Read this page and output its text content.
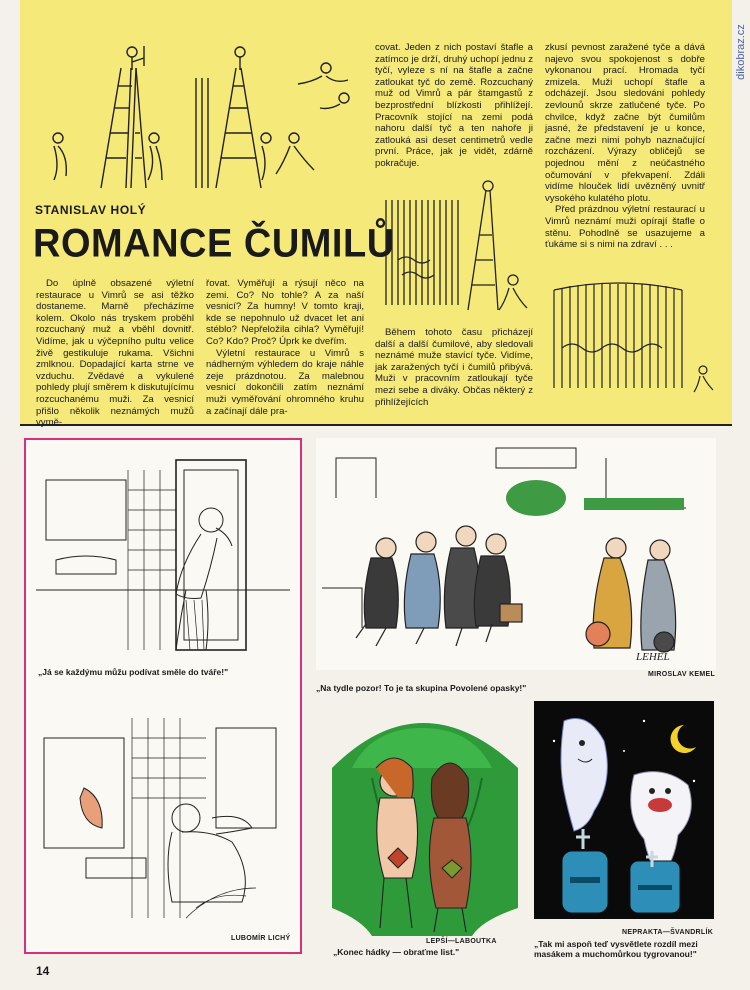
dikobraz.cz
STANISLAV HOLÝ
ROMANCE ČUMILŮ

Do úplně obsazené výletní restaurace u Vimrů se asi těžko dostaneme. Marně přecházíme kolem. Okolo nás tryskem proběhl rozcuchaný muž a vběhl dovnitř. Vidíme, jak u výčepního pultu velice živě gestikuluje rukama. Všichni zmlknou. Dopadající karta strne ve vzduchu. Zvědavé a vykulené pohledy plují směrem k diskutujícímu rozcuchanému muži. Za vesnicí přišlo několik neznámých mužů vymě-

řovat. Vyměřují a rýsují něco na zemi. Co? No tohle? A za naší vesnicí? Za humny! V tomto kraji, kde se nepohnulo už dvacet let ani stéblo? Nepřeložila cihla? Vyměřují! Co? Kdo? Proč? Úprk ke dveřím.

Výletní restaurace u Vimrů s nádherným výhledem do kraje náhle zeje prázdnotou. Za malebnou vesnicí dokončili zatím neznámí muži vyměřování ohromného kruhu a začínají dále pra-

covat. Jeden z nich postaví štafle a zatímco je drží, druhý uchopí jednu z tyčí, vyleze s ní na štafle a začne zatloukat tyč do země. Rozcuchaný muž od Vimrů a pár štamgastů z bezprostřední blízkosti přihlížejí. Pracovník stojící na zemi podá nahoru další tyč a ten nahoře ji zatlouká asi deset centimetrů vedle první. Práce, jak je vidět, zdárně pokračuje.

Během tohoto času přicházejí další a další čumilové, aby sledovali neznámé muže stavící tyče. Vidíme, jak zaražených tyčí i čumilů přibývá. Muži v pracovním zatloukají tyče mezi sebe a diváky. Občas některý z přihlížejících

zkusí pevnost zaražené tyče a dává najevo svou spokojenost s dobře vykonanou prací. Hromada tyčí zmizela. Muži uchopí štafle a odcházejí. Jsou sledováni pohledy zevlounů skrze zatlučené tyče. Po chvilce, když začne být čumilům jasné, že představení je u konce, začne mezi nimi pohyb naznačující rozcházení. Výrazy obličejů se pojednou mění z neúčastného očumování v překvapení. Zdáli vidíme hlouček lidí uvězněný uvnitř vysokého kulatého plotu.

Před prázdnou výletní restaurací u Vimrů neznámí muži opírají štafle o stěnu. Pohodlně se usazujeme a ťukáme si s nimi na zdraví . . .

„Já se každýmu můžu podívat směle do tváře!"
LUBOMÍR LICHÝ
LEHEL
MIROSLAV KEMEL
„Na tydle pozor! To je ta skupina Povolené opasky!"
LEPŠÍ—LABOUTKA
„Konec hádky — obraťme list."
NEPRAKTA—ŠVANDRLÍK
„Tak mi aspoň teď vysvětlete rozdíl mezi masákem a muchomůrkou tygrovanou!"
14
